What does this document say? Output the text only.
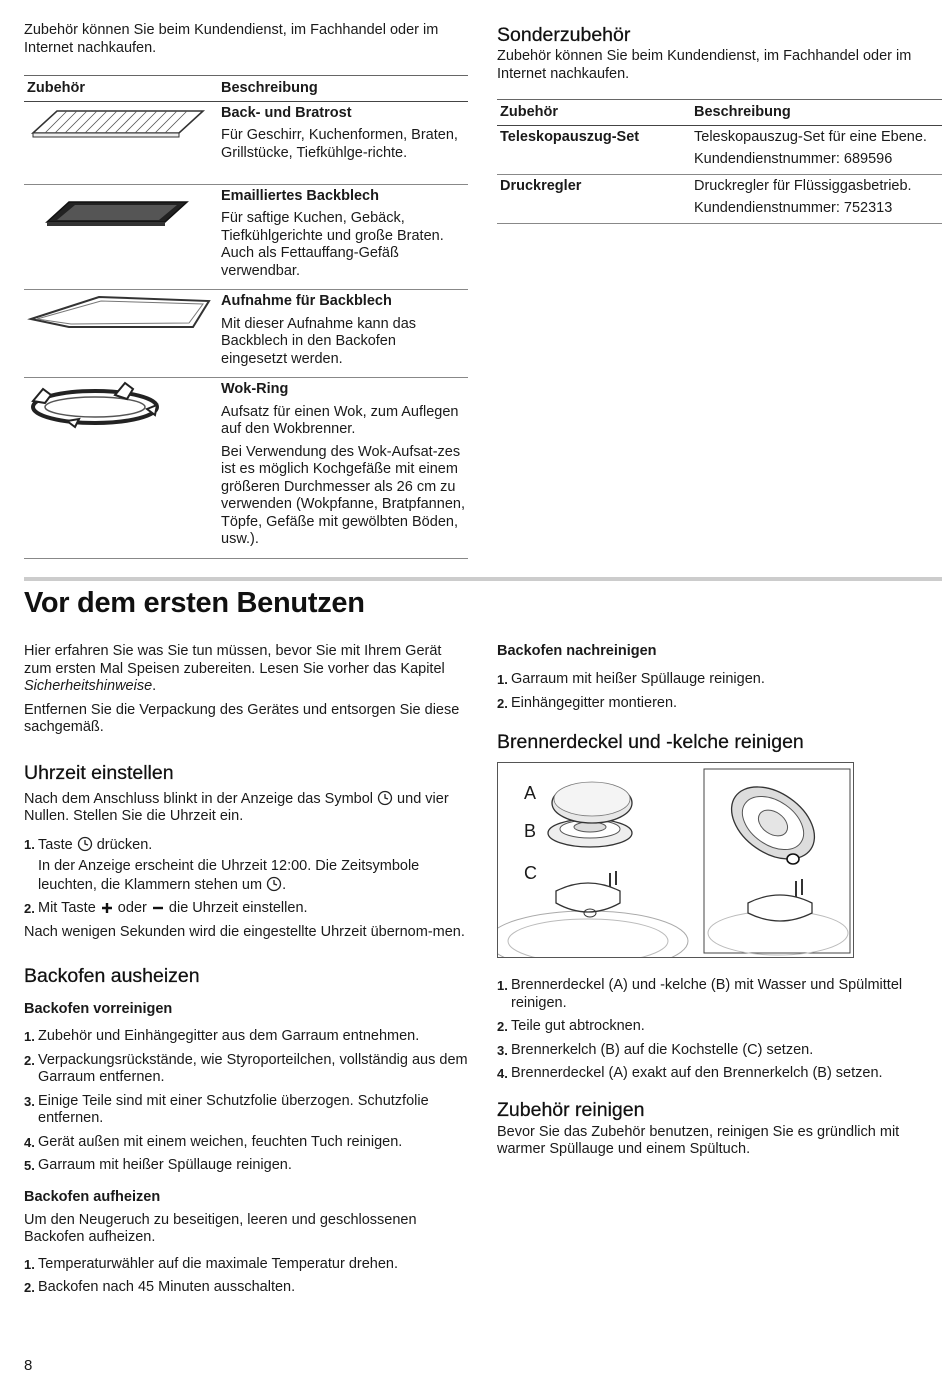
Zubehör können Sie beim Kundendienst, im Fachhandel oder im Internet nachkaufen.

Zubehör	Beschreibung

Back- und Bratrost
Für Geschirr, Kuchenformen, Braten, Grillstücke, Tiefkühlge-richte.

Emailliertes Backblech
Für saftige Kuchen, Gebäck, Tiefkühlgerichte und große Braten. Auch als Fettauffang-Gefäß verwendbar.

Aufnahme für Backblech
Mit dieser Aufnahme kann das Backblech in den Backofen eingesetzt werden.

Wok-Ring
Aufsatz für einen Wok, zum Auflegen auf den Wokbrenner.
Bei Verwendung des Wok-Aufsat-zes ist es möglich Kochgefäße mit einem größeren Durchmesser als 26 cm zu verwenden (Wokpfanne, Bratpfannen, Töpfe, Gefäße mit gewölbten Böden, usw.).
Sonderzubehör

Zubehör können Sie beim Kundendienst, im Fachhandel oder im Internet nachkaufen.

Zubehör	Beschreibung
Teleskopauszug-Set	Teleskopauszug-Set für eine Ebene.
Kundendienstnummer: 689596

Druckregler	Druckregler für Flüssiggasbetrieb.
Kundendienstnummer: 752313
Vor dem ersten Benutzen

Hier erfahren Sie was Sie tun müssen, bevor Sie mit Ihrem Gerät zum ersten Mal Speisen zubereiten. Lesen Sie vorher das Kapitel Sicherheitshinweise.

Entfernen Sie die Verpackung des Gerätes und entsorgen Sie diese sachgemäß.

Uhrzeit einstellen

Nach dem Anschluss blinkt in der Anzeige das Symbol  und vier Nullen. Stellen Sie die Uhrzeit ein.

1. Taste  drücken.
In der Anzeige erscheint die Uhrzeit 12:00. Die Zeitsymbole leuchten, die Klammern stehen um .
2. Mit Taste  oder  die Uhrzeit einstellen.

Nach wenigen Sekunden wird die eingestellte Uhrzeit übernom-men.

Backofen ausheizen
Backofen vorreinigen
1. Zubehör und Einhängegitter aus dem Garraum entnehmen.
2. Verpackungsrückstände, wie Styroporteilchen, vollständig aus dem Garraum entfernen.
3. Einige Teile sind mit einer Schutzfolie überzogen. Schutzfolie entfernen.
4. Gerät außen mit einem weichen, feuchten Tuch reinigen.
5. Garraum mit heißer Spüllauge reinigen.
Backofen aufheizen

Um den Neugeruch zu beseitigen, leeren und geschlossenen Backofen aufheizen.

1. Temperaturwähler auf die maximale Temperatur drehen.
2. Backofen nach 45 Minuten ausschalten.
Backofen nachreinigen
1. Garraum mit heißer Spüllauge reinigen.
2. Einhängegitter montieren.
Brennerdeckel und -kelche reinigen
A
B
C
1. Brennerdeckel (A) und -kelche (B) mit Wasser und Spülmittel reinigen.
2. Teile gut abtrocknen.
3. Brennerkelch (B) auf die Kochstelle (C) setzen.
4. Brennerdeckel (A) exakt auf den Brennerkelch (B) setzen.
Zubehör reinigen

Bevor Sie das Zubehör benutzen, reinigen Sie es gründlich mit warmer Spüllauge und einem Spültuch.

8
